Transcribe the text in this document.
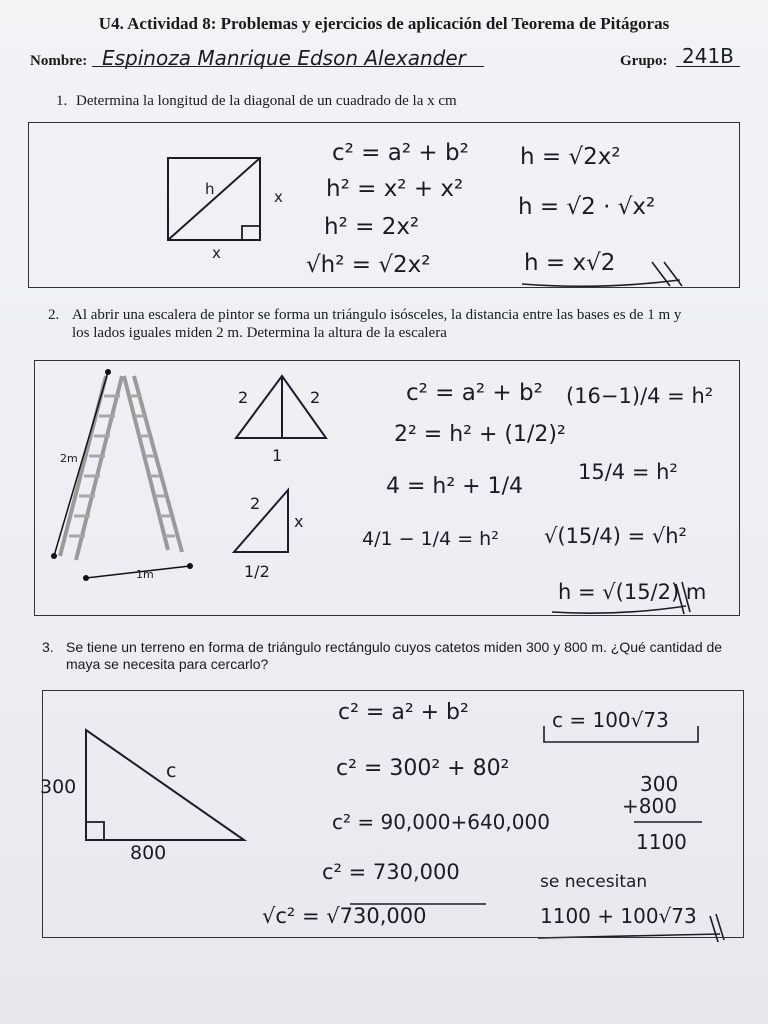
U4. Actividad 8: Problemas y ejercicios de aplicación del Teorema de Pitágoras
Nombre: Espinoza Manrique Edson Alexander	Grupo: 241B
1. Determina la longitud de la diagonal de un cuadrado de la x cm
h	x
x
c² = a² + b²
h² = x² + x²
h² = 2x²
√h² = √2x²
h = √2x²
h = √2 · √x²
h = x√2
2. Al abrir una escalera de pintor se forma un triángulo isósceles, la distancia entre las bases es de 1 m y
los lados iguales miden 2 m. Determina la altura de la escalera
2m
1m
2	2
1
2
x
1/2
c² = a² + b²
2² = h² + (1/2)²
4 = h² + 1/4
4/1 − 1/4 = h²
(16−1)/4 = h²
15/4 = h²
√(15/4) = √h²
h = √(15/2) m
3. Se tiene un terreno en forma de triángulo rectángulo cuyos catetos miden 300 y 800 m. ¿Qué cantidad de
maya se necesita para cercarlo?
300
c
800
c² = a² + b²
c² = 300² + 80²
c² = 90,000+640,000
c² = 730,000
√c² = √730,000
c = 100√73
300
+800
1100
se necesitan
1100 + 100√73
